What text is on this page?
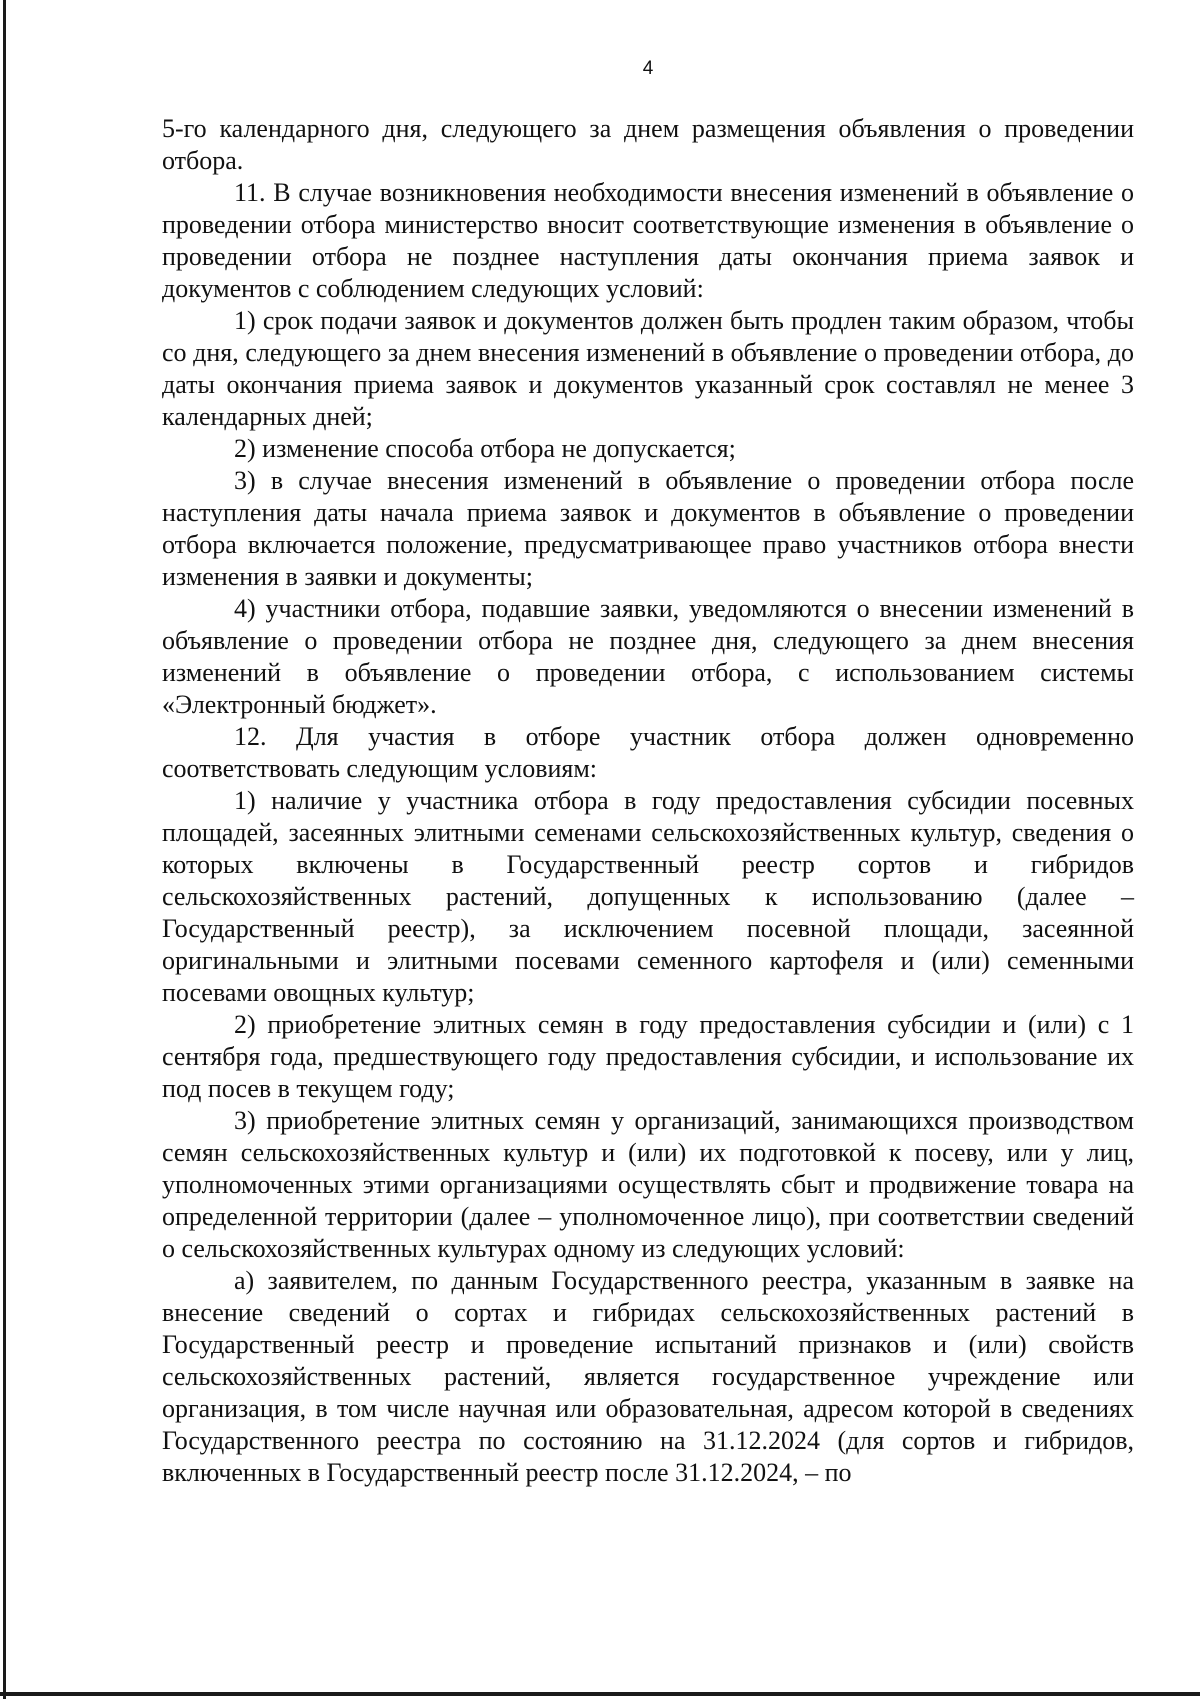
4

5-го календарного дня, следующего за днем размещения объявления о проведении отбора.

11. В случае возникновения необходимости внесения изменений в объявление о проведении отбора министерство вносит соответствующие изменения в объявление о проведении отбора не позднее наступления даты окончания приема заявок и документов с соблюдением следующих условий:

1) срок подачи заявок и документов должен быть продлен таким образом, чтобы со дня, следующего за днем внесения изменений в объявление о проведении отбора, до даты окончания приема заявок и документов указанный срок составлял не менее 3 календарных дней;

2) изменение способа отбора не допускается;

3) в случае внесения изменений в объявление о проведении отбора после наступления даты начала приема заявок и документов в объявление о проведении отбора включается положение, предусматривающее право участников отбора внести изменения в заявки и документы;

4) участники отбора, подавшие заявки, уведомляются о внесении изменений в объявление о проведении отбора не позднее дня, следующего за днем внесения изменений в объявление о проведении отбора, с использованием системы «Электронный бюджет».

12. Для участия в отборе участник отбора должен одновременно соответствовать следующим условиям:

1) наличие у участника отбора в году предоставления субсидии посевных площадей, засеянных элитными семенами сельскохозяйственных культур, сведения о которых включены в Государственный реестр сортов и гибридов сельскохозяйственных растений, допущенных к использованию (далее – Государственный реестр), за исключением посевной площади, засеянной оригинальными и элитными посевами семенного картофеля и (или) семенными посевами овощных культур;

2) приобретение элитных семян в году предоставления субсидии и (или) с 1 сентября года, предшествующего году предоставления субсидии, и использование их под посев в текущем году;

3) приобретение элитных семян у организаций, занимающихся производством семян сельскохозяйственных культур и (или) их подготовкой к посеву, или у лиц, уполномоченных этими организациями осуществлять сбыт и продвижение товара на определенной территории (далее – уполномоченное лицо), при соответствии сведений о сельскохозяйственных культурах одному из следующих условий:

а) заявителем, по данным Государственного реестра, указанным в заявке на внесение сведений о сортах и гибридах сельскохозяйственных растений в Государственный реестр и проведение испытаний признаков и (или) свойств сельскохозяйственных растений, является государственное учреждение или организация, в том числе научная или образовательная, адресом которой в сведениях Государственного реестра по состоянию на 31.12.2024 (для сортов и гибридов, включенных в Государственный реестр после 31.12.2024, – по
